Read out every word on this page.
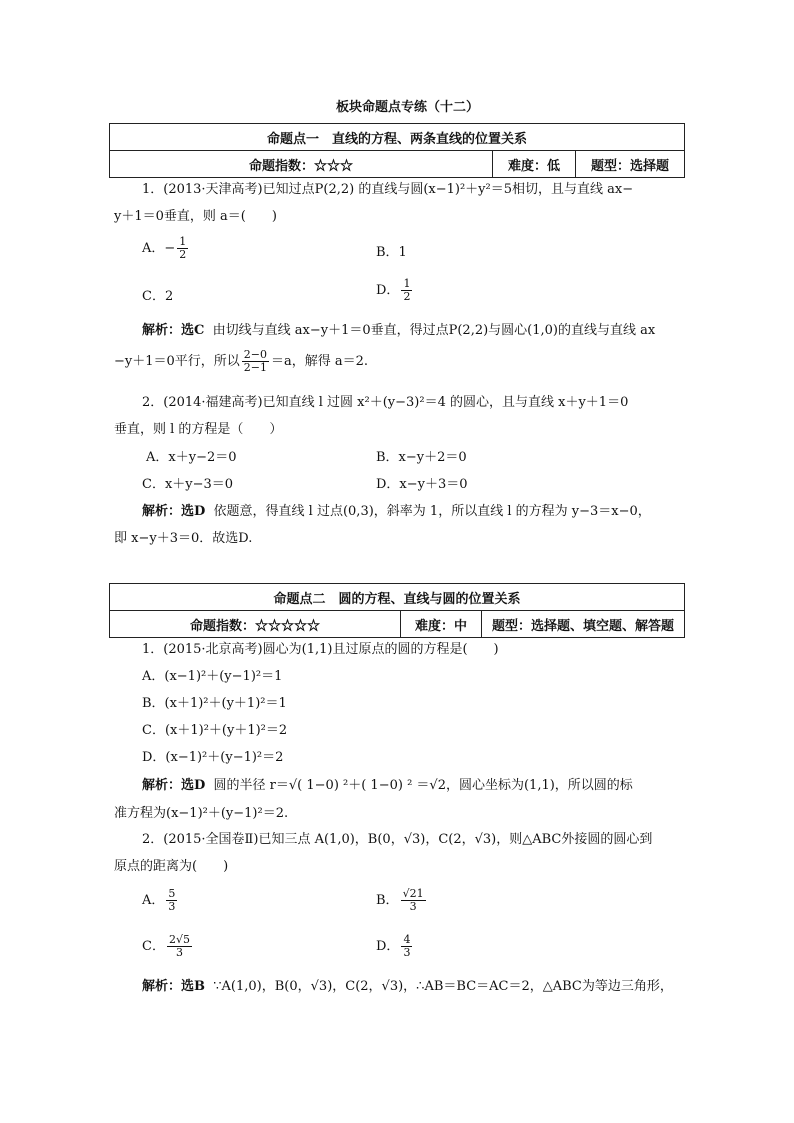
板块命题点专练（十二）
命题点一　直线的方程、两条直线的位置关系
命题指数：☆☆☆	难度：低	题型：选择题
1．(2013·天津高考)已知过点P(2,2) 的直线与圆(x−1)²＋y²＝5相切，且与直线 ax−
y＋1＝0垂直，则 a＝(　　)
A．− $\frac{1}{2}$	B．1
C．2	D． $\frac{1}{2}$
解析：选C 由切线与直线 ax−y＋1＝0垂直，得过点P(2,2)与圆心(1,0)的直线与直线 ax
−y＋1＝0平行，所以 $\frac{2-0}{2-1} =a$，解得 a＝2.
2．(2014·福建高考)已知直线 l 过圆 x²＋(y−3)²＝4 的圆心，且与直线 x＋y＋1＝0
垂直，则 l 的方程是（　　）
A．x＋y−2＝0	B．x−y＋2＝0
C．x＋y−3＝0	D．x−y＋3＝0
解析：选D 依题意，得直线 l 过点(0,3)，斜率为 1，所以直线 l 的方程为 y−3＝x−0，
即 x−y＋3＝0．故选D.
命题点二　圆的方程、直线与圆的位置关系
命题指数：☆☆☆☆☆	难度：中	题型：选择题、填空题、解答题
1．(2015·北京高考)圆心为(1,1)且过原点的圆的方程是(　　)
A．(x−1)²＋(y−1)²＝1
B．(x＋1)²＋(y＋1)²＝1
C．(x＋1)²＋(y＋1)²＝2
D．(x−1)²＋(y−1)²＝2
解析：选D 圆的半径 r＝√( 1−0) ²＋( 1−0) ² ＝√2，圆心坐标为(1,1)，所以圆的标
准方程为(x−1)²＋(y−1)²＝2.
2．(2015·全国卷Ⅱ)已知三点 A(1,0)，B(0，√3)，C(2，√3)，则△ABC外接圆的圆心到
原点的距离为(　　)
A． $\frac{5}{3}$	B． $\frac{√21}{3}$
C． $\frac{2√5}{3}$	D． $\frac{4}{3}$
解析：选B ∵A(1,0)，B(0，√3)，C(2，√3)，∴AB＝BC＝AC＝2，△ABC为等边三角形，
